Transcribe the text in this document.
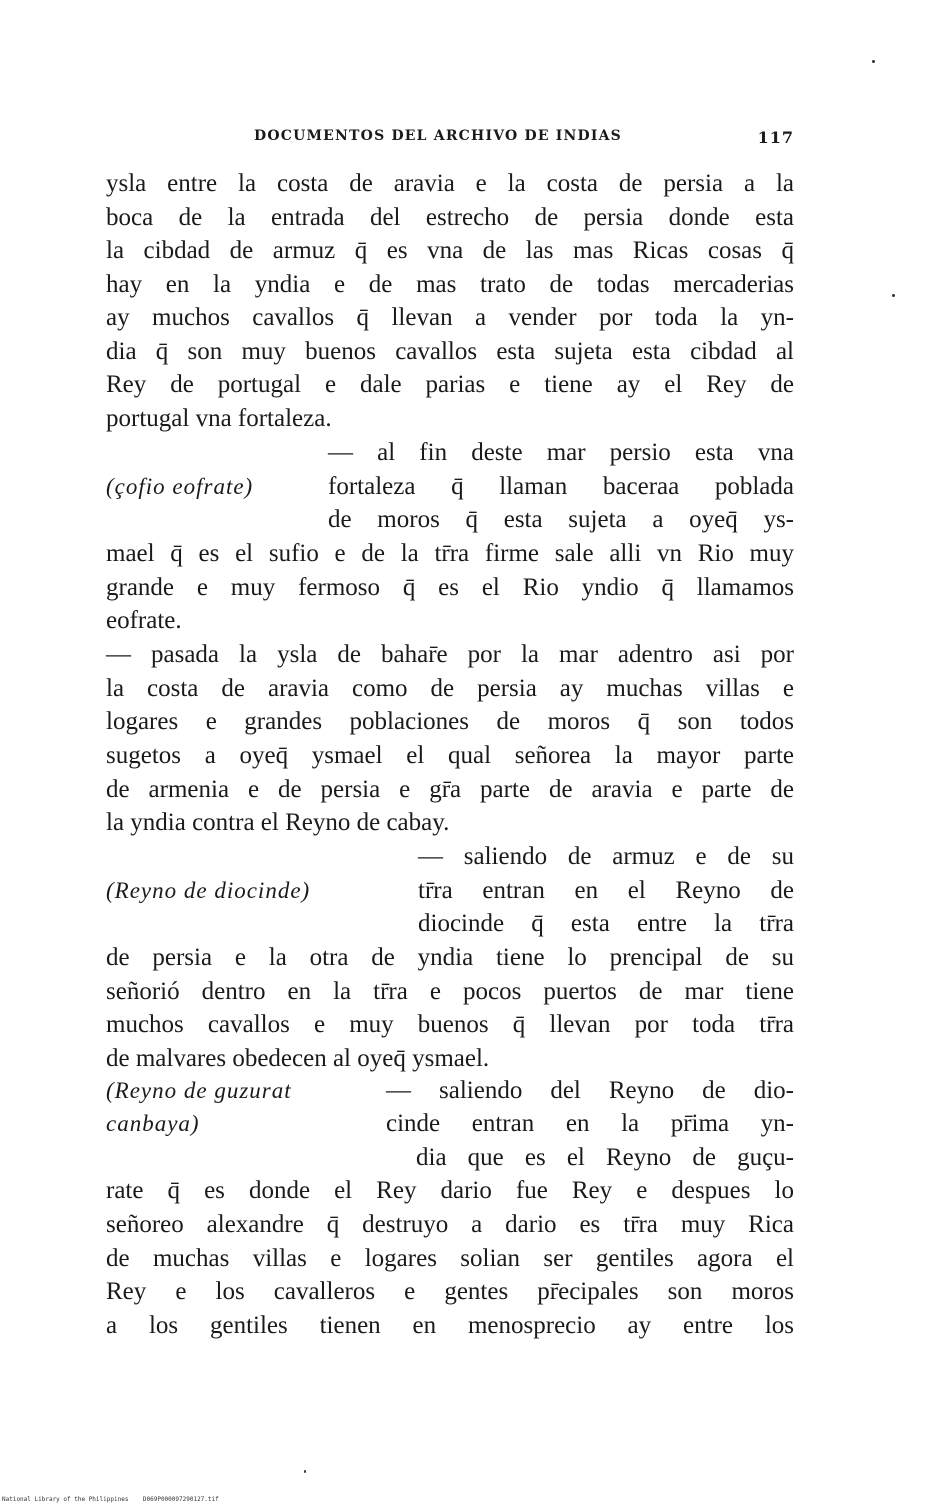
DOCUMENTOS DEL ARCHIVO DE INDIAS	117
ysla entre la costa de aravia e la costa de persia a la
boca de la entrada del estrecho de persia donde esta
la cibdad de armuz q̄ es vna de las mas Ricas cosas q̄
hay en la yndia e de mas trato de todas mercaderias
ay muchos cavallos q̄ llevan a vender por toda la yn-
dia q̄ son muy buenos cavallos esta sujeta esta cibdad al
Rey de portugal e dale parias e tiene ay el Rey de
portugal vna fortaleza.
— al fin deste mar persio esta vna
fortaleza q̄ llaman baceraa poblada
de moros q̄ esta sujeta a oyeq̄ ys-
mael q̄ es el sufio e de la tr̄ra firme sale alli vn Rio muy
grande e muy fermoso q̄ es el Rio yndio q̄ llamamos
eofrate.
— pasada la ysla de bahar̄e por la mar adentro asi por
la costa de aravia como de persia ay muchas villas e
logares e grandes poblaciones de moros q̄ son todos
sugetos a oyeq̄ ysmael el qual señorea la mayor parte
de armenia e de persia e gr̄a parte de aravia e parte de
la yndia contra el Reyno de cabay.
— saliendo de armuz e de su
tr̄ra entran en el Reyno de
diocinde q̄ esta entre la tr̄ra
de persia e la otra de yndia tiene lo prencipal de su
señorió dentro en la tr̄ra e pocos puertos de mar tiene
muchos cavallos e muy buenos q̄ llevan por toda tr̄ra
de malvares obedecen al oyeq̄ ysmael.
— saliendo del Reyno de dio-
cinde entran en la pr̄ima yn-
dia que es el Reyno de guçu-
rate q̄ es donde el Rey dario fue Rey e despues lo
señoreo alexandre q̄ destruyo a dario es tr̄ra muy Rica
de muchas villas e logares solian ser gentiles agora el
Rey e los cavalleros e gentes pr̄ecipales son moros
a los gentiles tienen en menosprecio ay entre los
(çofio eofrate)
(Reyno de diocinde)
(Reyno de guzurat
canbaya)
National Library of the Philippines    D069P000097290127.tif
